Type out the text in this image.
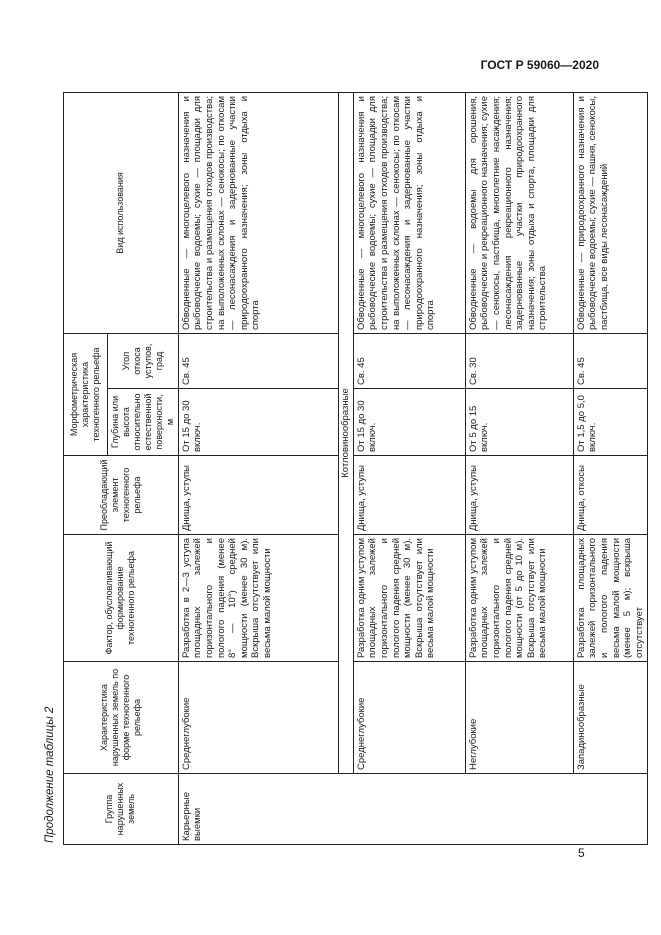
ГОСТ Р 59060—2020
Продолжение таблицы 2	Группа нарушенных земель	Характеристика нарушенных земель по форме техногенного рельефа	Фактор, обусловливающий формирование техногенного рельефа	Преобладающий элемент техногенного рельефа	Морфометрическая характеристика техногенного рельефа		Вид использования
				Глубина или высота относительно естественной поверхности, м	Угол откоса уступов, град	
Карьерные выемки	Среднеглубокие	Разработка в 2—3 уступа площадных залежей горизонтального и пологого падения (менее 8° — 10°) средней мощности (менее 30 м). Вскрыша отсутствует или весьма малой мощности	Днища, уступы	От 15 до 30 включ.	Св. 45	Обводненные — многоцелевого назначения и рыбоводческие водоемы; сухие — площадки для строительства и размещения отходов производства; на выположенных склонах — сенокосы; по откосам — лесонасаждения и задернованные участки природоохранного назначения; зоны отдыха и спорта
	Котловинообразные					
	Среднеглубокие	Разработка одним уступом площадных залежей горизонтального и пологого падения средней мощности (менее 30 м). Вскрыша отсутствует или весьма малой мощности	Днища, уступы	От 15 до 30 включ.	Св. 45	Обводненные — многоцелевого назначения и рыбоводческие водоемы; сухие — площадки для строительства и размещения отходов производства; на выположенных склонах — сенокосы; по откосам — лесонасаждения и задернованные участки природоохранного назначения; зоны отдыха и спорта
	Неглубокие	Разработка одним уступом площадных залежей горизонтального и пологого падения средней мощности (от 5 до 10 м). Вскрыша отсутствует или весьма малой мощности	Днища, уступы	От 5 до 15 включ.	Св. 30	Обводненные — водоемы для орошения, рыбоводческие и рекреационного назначения; сухие — сенокосы, пастбища, многолетние насаждения; лесонасаждения рекреационного назначения; задернованные участки природоохранного назначения; зоны отдыха и спорта, площадки для строительства
	Западинообразные	Разработка площадных залежей горизонтального и пологого падения весьма малой мощности (менее 5 м); вскрыша отсутствует	Днища, откосы	От 1,5 до 5,0 включ.	Св. 45	Обводненные — природоохранного назначения и рыбоводческие водоемы; сухие — пашня, сенокосы, пастбища, все виды лесонасаждений
5
